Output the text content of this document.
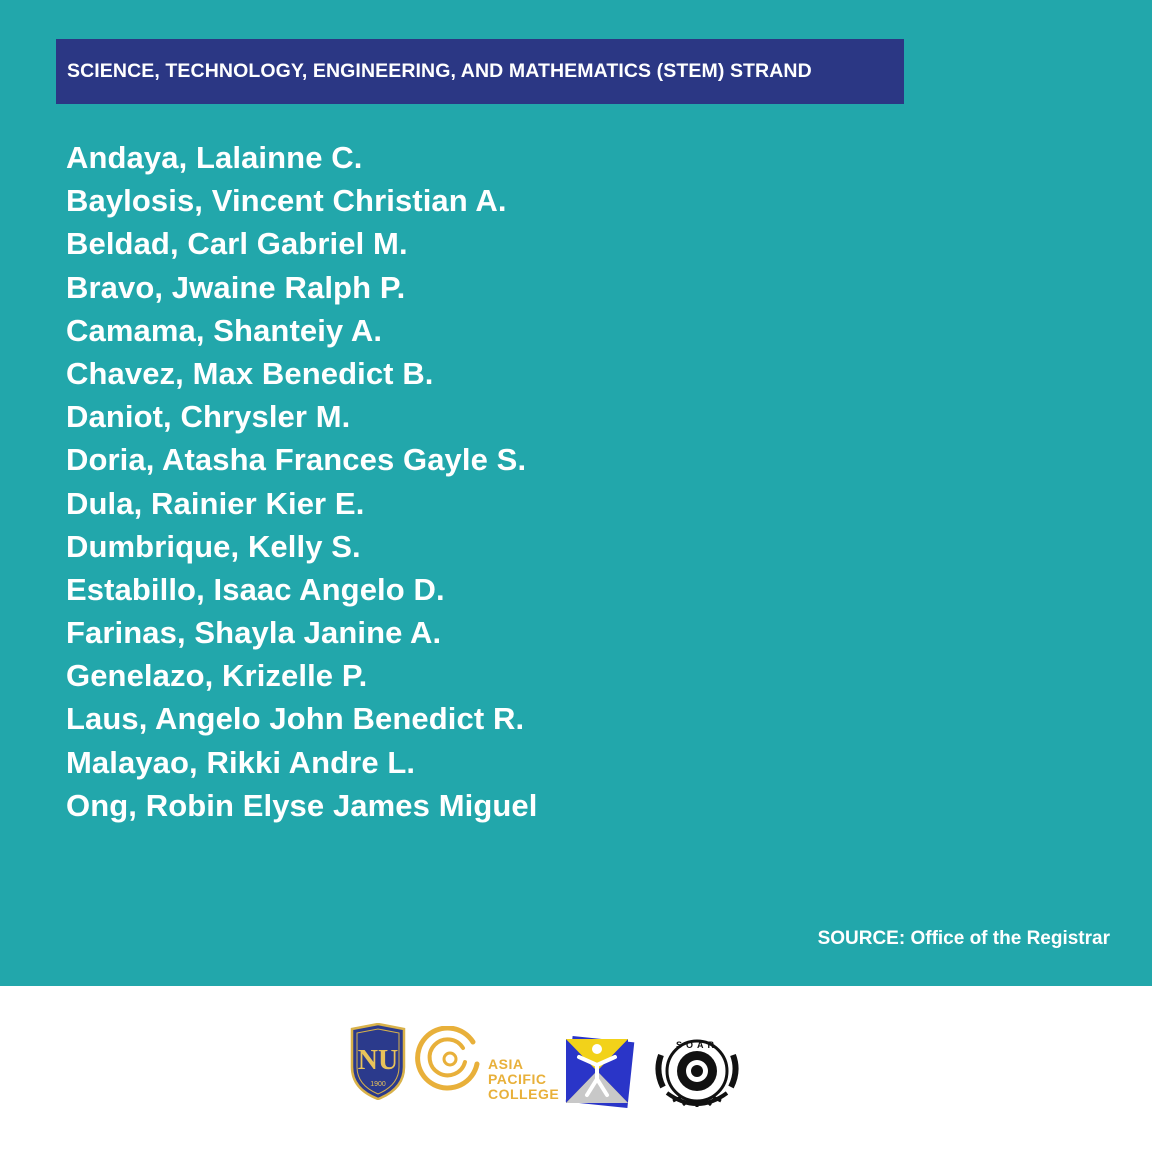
SCIENCE, TECHNOLOGY, ENGINEERING, AND MATHEMATICS (STEM) STRAND
Andaya, Lalainne C.
Baylosis, Vincent Christian A.
Beldad, Carl Gabriel M.
Bravo, Jwaine Ralph P.
Camama, Shanteiy A.
Chavez, Max Benedict B.
Daniot, Chrysler M.
Doria, Atasha Frances Gayle S.
Dula, Rainier Kier E.
Dumbrique, Kelly S.
Estabillo, Isaac Angelo D.
Farinas, Shayla Janine A.
Genelazo, Krizelle P.
Laus, Angelo John Benedict R.
Malayao, Rikki Andre L.
Ong, Robin Elyse James Miguel
SOURCE: Office of the Registrar
NU
1900
ASIA
PACIFIC
COLLEGE
SOAR
